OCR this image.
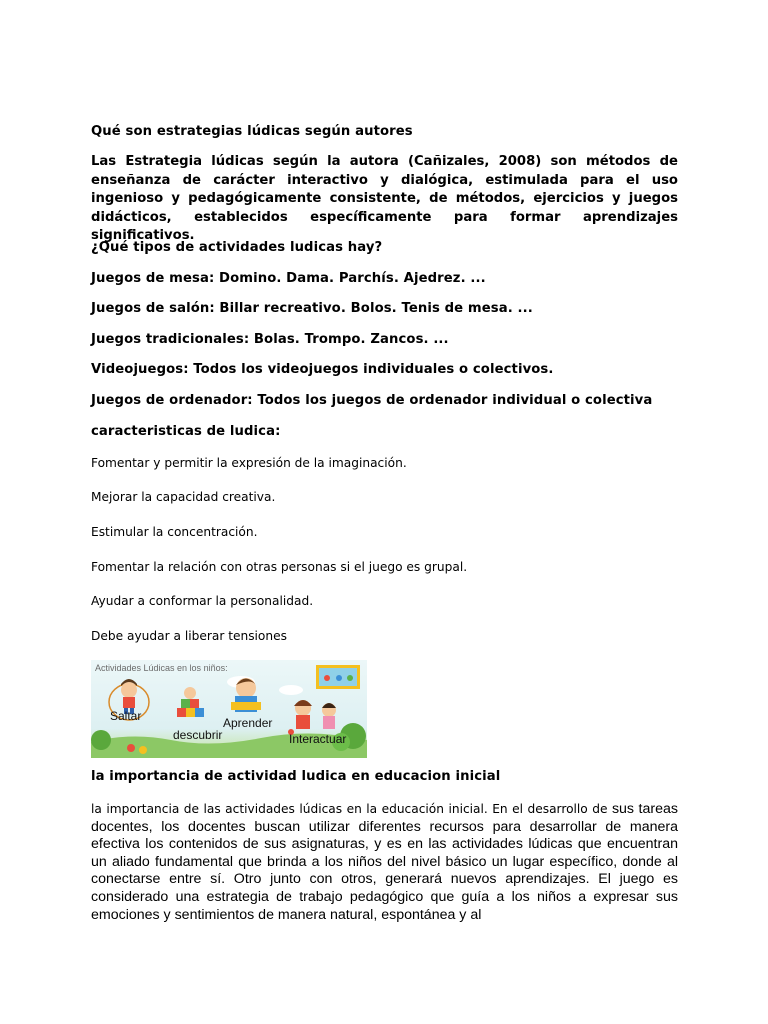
Qué son estrategias lúdicas según autores
Las Estrategia lúdicas según la autora (Cañizales, 2008) son métodos de enseñanza de carácter interactivo y dialógica, estimulada para el uso ingenioso y pedagógicamente consistente, de métodos, ejercicios y juegos didácticos, establecidos específicamente para formar aprendizajes significativos.
¿Qué tipos de actividades ludicas hay?
Juegos de mesa: Domino. Dama. Parchís. Ajedrez. ...
Juegos de salón: Billar recreativo. Bolos. Tenis de mesa. ...
Juegos tradicionales: Bolas. Trompo. Zancos. ...
Videojuegos: Todos los videojuegos individuales o colectivos.
Juegos de ordenador: Todos los juegos de ordenador individual o colectiva
caracteristicas de ludica:
Fomentar y permitir la expresión de la imaginación.
Mejorar la capacidad creativa.
Estimular la concentración.
Fomentar la relación con otras personas si el juego es grupal.
Ayudar a conformar la personalidad.
Debe ayudar a liberar tensiones
la importancia de actividad ludica en educacion inicial
la importancia de las actividades lúdicas en la educación inicial. En el desarrollo de sus tareas docentes, los docentes buscan utilizar diferentes recursos para desarrollar de manera efectiva los contenidos de sus asignaturas, y es en las actividades lúdicas que encuentran un aliado fundamental que brinda a los niños del nivel básico un lugar específico, donde al conectarse entre sí. Otro junto con otros, generará nuevos aprendizajes. El juego es considerado una estrategia de trabajo pedagógico que guía a los niños a expresar sus emociones y sentimientos de manera natural, espontánea y al
Actividades Lúdicas en los niños:
Saltar
descubrir
Aprender
Interactuar
